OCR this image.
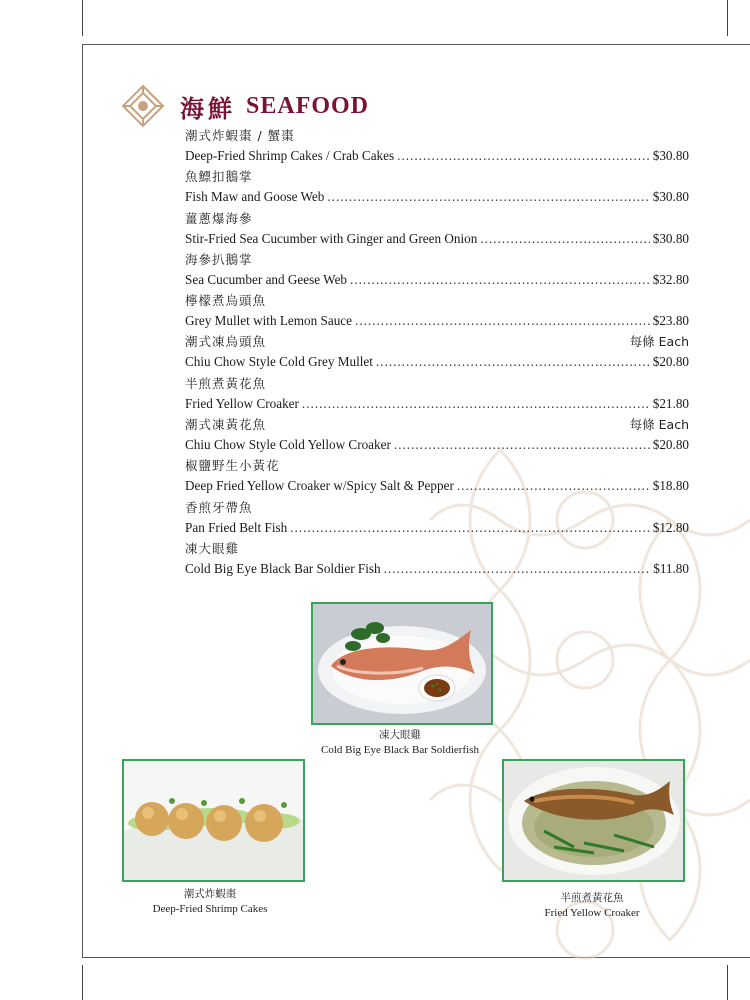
海鮮 SEAFOOD
潮式炸蝦棗 / 蟹棗
Deep-Fried Shrimp Cakes / Crab Cakes .....	$30.80
魚鰾扣鵝掌
Fish Maw and Goose Web .....	$30.80
薑蔥爆海參
Stir-Fried Sea Cucumber with Ginger and Green Onion .....	$30.80
海參扒鵝掌
Sea Cucumber and Geese Web .....	$32.80
檸檬煮烏頭魚
Grey Mullet with Lemon Sauce .....	$23.80
潮式凍烏頭魚	每條 Each
Chiu Chow Style Cold Grey Mullet .....	$20.80
半煎煮黃花魚
Fried Yellow Croaker .....	$21.80
潮式凍黃花魚	每條 Each
Chiu Chow Style Cold Yellow Croaker .....	$20.80
椒鹽野生小黃花
Deep Fried Yellow Croaker w/Spicy Salt & Pepper .....	$18.80
香煎牙帶魚
Pan Fried Belt Fish .....	$12.80
凍大眼雞
Cold Big Eye Black Bar Soldier Fish .....	$11.80
凍大眼雞
Cold Big Eye Black Bar Soldierfish
潮式炸蝦棗
Deep-Fried Shrimp Cakes
半煎煮黃花魚
Fried Yellow Croaker
